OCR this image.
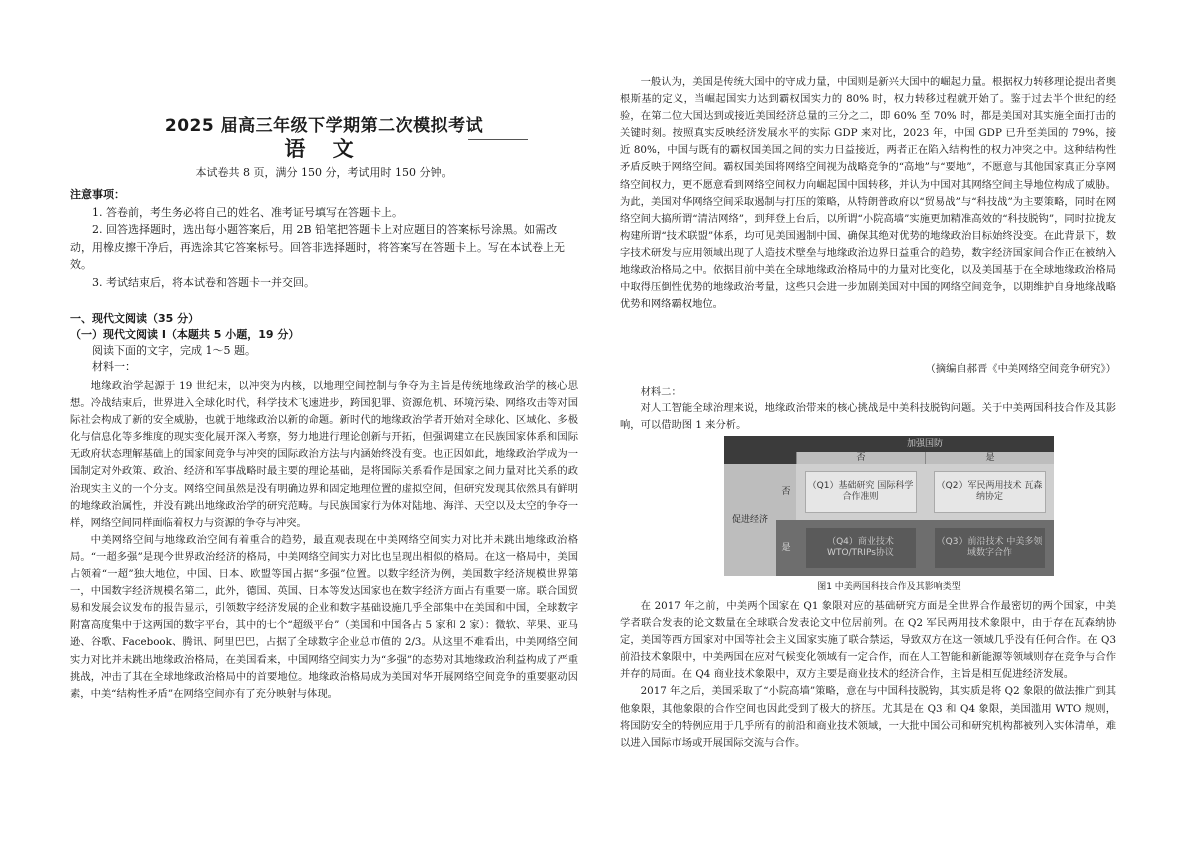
2025 届高三年级下学期第二次模拟考试
语 文
本试卷共 8 页，满分 150 分，考试用时 150 分钟。
注意事项：

1. 答卷前，考生务必将自己的姓名、准考证号填写在答题卡上。

2. 回答选择题时，选出每小题答案后，用 2B 铅笔把答题卡上对应题目的答案标号涂黑。如需改动，用橡皮擦干净后，再选涂其它答案标号。回答非选择题时，将答案写在答题卡上。写在本试卷上无效。

3. 考试结束后，将本试卷和答题卡一并交回。

一、现代文阅读（35 分）

（一）现代文阅读 Ⅰ（本题共 5 小题，19 分）

阅读下面的文字，完成 1～5 题。

材料一：

地缘政治学起源于 19 世纪末，以冲突为内核，以地理空间控制与争夺为主旨是传统地缘政治学的核心思想。冷战结束后，世界进入全球化时代，科学技术飞速进步，跨国犯罪、资源危机、环境污染、网络攻击等对国际社会构成了新的安全威胁，也就于地缘政治以新的命题。新时代的地缘政治学者开始对全球化、区域化、多极化与信息化等多维度的现实变化展开深入考察，努力地进行理论创新与开拓，但强调建立在民族国家体系和国际无政府状态理解基础上的国家间竞争与冲突的国际政治方法与内涵始终没有变。也正因如此，地缘政治学成为一国制定对外政策、政治、经济和军事战略时最主要的理论基础，是将国际关系看作是国家之间力量对比关系的政治现实主义的一个分支。网络空间虽然是没有明确边界和固定地理位置的虚拟空间，但研究发现其依然具有鲜明的地缘政治属性，并没有跳出地缘政治学的研究范畴。与民族国家行为体对陆地、海洋、天空以及太空的争夺一样，网络空间同样面临着权力与资源的争夺与冲突。

中美网络空间与地缘政治空间有着重合的趋势，最直观表现在中美网络空间实力对比并未跳出地缘政治格局。“一超多强”是现今世界政治经济的格局，中美网络空间实力对比也呈现出相似的格局。在这一格局中，美国占领着“一超”独大地位，中国、日本、欧盟等国占据“多强”位置。以数字经济为例，美国数字经济规模世界第一，中国数字经济规模名第二，此外，德国、英国、日本等发达国家也在数字经济方面占有重要一席。联合国贸易和发展会议发布的报告显示，引领数字经济发展的企业和数字基础设施几乎全部集中在美国和中国，全球数字附富高度集中于这两国的数字平台，其中的七个“超级平台”（美国和中国各占 5 家和 2 家）：微软、苹果、亚马逊、谷歌、Facebook、腾讯、阿里巴巴，占据了全球数字企业总市值的 2/3。从这里不难看出，中美网络空间实力对比并未跳出地缘政治格局，在美国看来，中国网络空间实力为“多强”的态势对其地缘政治利益构成了严重挑战，冲击了其在全球地缘政治格局中的首要地位。地缘政治格局成为美国对华开展网络空间竞争的重要驱动因素，中美“结构性矛盾”在网络空间亦有了充分映射与体现。

一般认为，美国是传统大国中的守成力量，中国则是新兴大国中的崛起力量。根据权力转移理论提出者奥根斯基的定义，当崛起国实力达到霸权国实力的 80% 时，权力转移过程就开始了。鉴于过去半个世纪的经验，在第二位大国达到或接近美国经济总量的三分之二，即 60% 至 70% 时，都是美国对其实施全面打击的关键时刻。按照真实反映经济发展水平的实际 GDP 来对比，2023 年，中国 GDP 已升至美国的 79%，接近 80%，中国与既有的霸权国美国之间的实力日益接近，两者正在陷入结构性的权力冲突之中。这种结构性矛盾反映于网络空间。霸权国美国将网络空间视为战略竞争的“高地”与“要地”，不愿意与其他国家真正分享网络空间权力，更不愿意看到网络空间权力向崛起国中国转移，并认为中国对其网络空间主导地位构成了威胁。为此，美国对华网络空间采取遏制与打压的策略，从特朗普政府以“贸易战”与“科技战”为主要策略，同时在网络空间大搞所谓“清洁网络”，到拜登上台后，以所谓“小院高墙”实施更加精准高效的“科技脱钩”，同时拉拢友构建所谓“技术联盟”体系，均可见美国遏制中国、确保其绝对优势的地缘政治目标始终没变。在此背景下，数字技术研发与应用领域出现了人造技术壁垒与地缘政治边界日益重合的趋势，数字经济国家间合作正在被纳入地缘政治格局之中。依据目前中美在全球地缘政治格局中的力量对比变化，以及美国基于在全球地缘政治格局中取得压倒性优势的地缘政治考量，这些只会进一步加剧美国对中国的网络空间竞争，以期维护自身地缘战略优势和网络霸权地位。

（摘编自郝晋《中美网络空间竞争研究》）
材料二：

对人工智能全球治理来说，地缘政治带来的核心挑战是中美科技脱钩问题。关于中美两国科技合作及其影响，可以借助图 1 来分析。

加强国防
否	是
促进经济
否
是
（Q1）基础研究 国际科学合作准则
（Q2）军民两用技术 瓦森纳协定
（Q4）商业技术 WTO/TRIPs协议
（Q3）前沿技术 中美多领域数字合作
图1 中美两国科技合作及其影响类型

在 2017 年之前，中美两个国家在 Q1 象限对应的基础研究方面是全世界合作最密切的两个国家，中美学者联合发表的论文数量在全球联合发表论文中位居前列。在 Q2 军民两用技术象限中，由于存在瓦森纳协定，美国等西方国家对中国等社会主义国家实施了联合禁运，导致双方在这一领域几乎没有任何合作。在 Q3 前沿技术象限中，中美两国在应对气候变化领域有一定合作，而在人工智能和新能源等领域则存在竞争与合作并存的局面。在 Q4 商业技术象限中，双方主要是商业技术的经济合作，主旨是相互促进经济发展。

2017 年之后，美国采取了“小院高墙”策略，意在与中国科技脱钩，其实质是将 Q2 象限的做法推广到其他象限，其他象限的合作空间也因此受到了极大的挤压。尤其是在 Q3 和 Q4 象限，美国滥用 WTO 规则，将国防安全的特例应用于几乎所有的前沿和商业技术领域，一大批中国公司和研究机构都被列入实体清单，难以进入国际市场或开展国际交流与合作。
